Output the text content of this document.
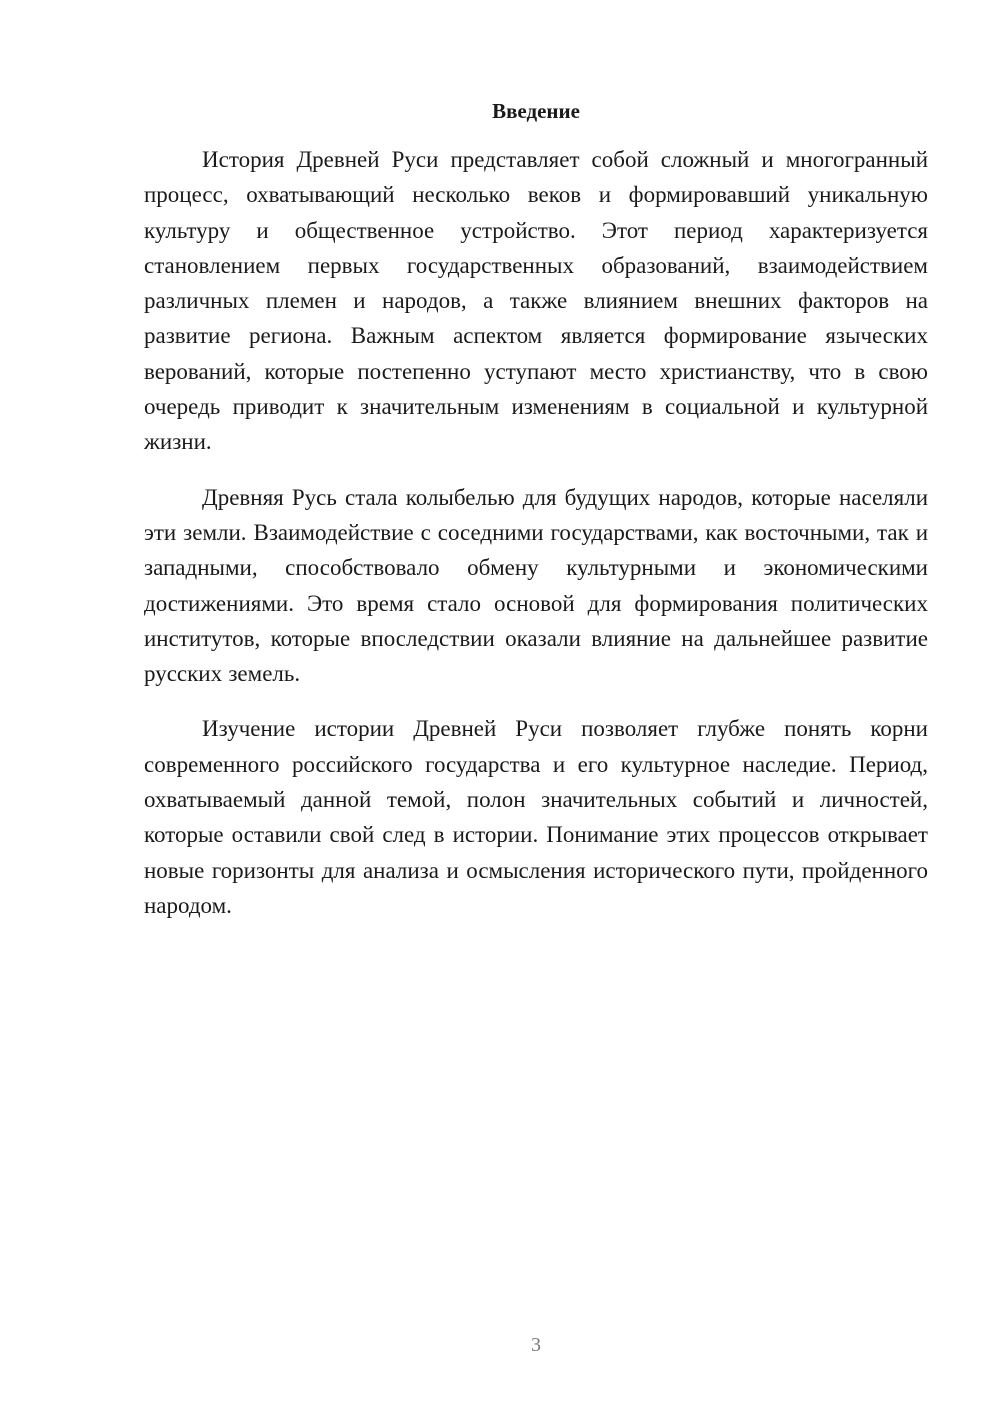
Введение

История Древней Руси представляет собой сложный и многогранный процесс, охватывающий несколько веков и формировавший уникальную культуру и общественное устройство. Этот период характеризуется становлением первых государственных образований, взаимодействием различных племен и народов, а также влиянием внешних факторов на развитие региона. Важным аспектом является формирование языческих верований, которые постепенно уступают место христианству, что в свою очередь приводит к значительным изменениям в социальной и культурной жизни.

Древняя Русь стала колыбелью для будущих народов, которые населяли эти земли. Взаимодействие с соседними государствами, как восточными, так и западными, способствовало обмену культурными и экономическими достижениями. Это время стало основой для формирования политических институтов, которые впоследствии оказали влияние на дальнейшее развитие русских земель.

Изучение истории Древней Руси позволяет глубже понять корни современного российского государства и его культурное наследие. Период, охватываемый данной темой, полон значительных событий и личностей, которые оставили свой след в истории. Понимание этих процессов открывает новые горизонты для анализа и осмысления исторического пути, пройденного народом.

3
